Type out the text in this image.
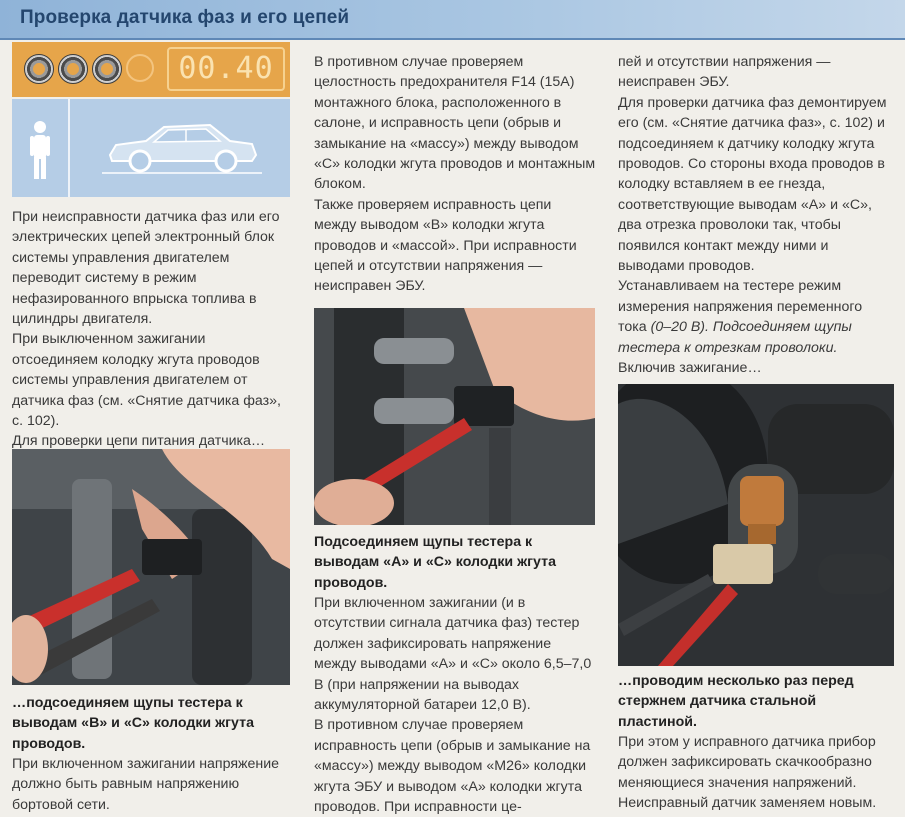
Проверка датчика фаз и его цепей
00.40

При неисправности датчика фаз или его электрических цепей электронный блок системы управления двигателем переводит систему в режим нефазированного впрыска топлива в цилиндры двигателя.

При выключенном зажигании отсоединяем колодку жгута проводов системы управления двигателем от датчика фаз (см. «Снятие датчика фаз», с. 102).

Для проверки цепи питания датчика…

…подсоединяем щупы тестера к выводам «В» и «С» колодки жгута проводов.

При включенном зажигании напряжение должно быть равным напряжению бортовой сети.

В противном случае проверяем целостность предохранителя F14 (15А) монтажного блока, расположенного в салоне, и исправность цепи (обрыв и замыкание на «массу») между выводом «С» колодки жгута проводов и монтажным блоком.

Также проверяем исправность цепи между выводом «В» колодки жгута проводов и «массой». При исправности цепей и отсутствии напряжения — неисправен ЭБУ.

Подсоединяем щупы тестера к выводам «А» и «С» колодки жгута проводов.

При включенном зажигании (и в отсутствии сигнала датчика фаз) тестер должен зафиксировать напряжение между выводами «А» и «С» около 6,5–7,0 В (при напряжении на выводах аккумуляторной батареи 12,0 В).

В противном случае проверяем исправность цепи (обрыв и замыкание на «массу») между выводом «М26» колодки жгута ЭБУ и выводом «А» колодки жгута проводов. При исправности це-

пей и отсутствии напряжения — неисправен ЭБУ.

Для проверки датчика фаз демонтируем его (см. «Снятие датчика фаз», с. 102) и подсоединяем к датчику колодку жгута проводов. Со стороны входа проводов в колодку вставляем в ее гнезда, соответствующие выводам «А» и «С», два отрезка проволоки так, чтобы появился контакт между ними и выводами проводов.

Устанавливаем на тестере режим измерения напряжения переменного тока (0–20 В). Подсоединяем щупы тестера к отрезкам проволоки.

Включив зажигание…

…проводим несколько раз перед стержнем датчика стальной пластиной.

При этом у исправного датчика прибор должен зафиксировать скачкообразно меняющиеся значения напряжений.

Неисправный датчик заменяем новым.
